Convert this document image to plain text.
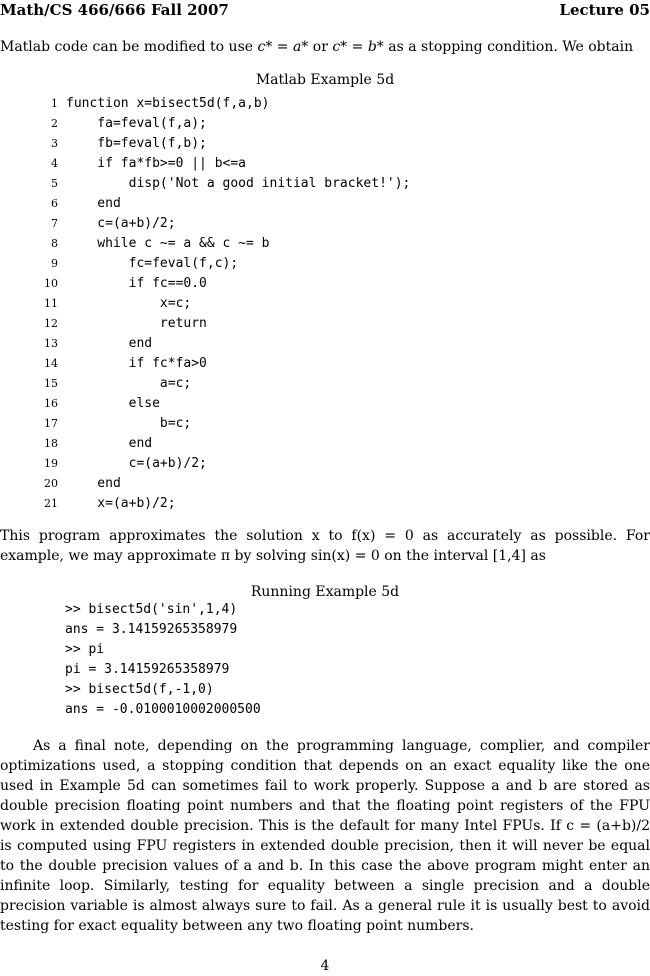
Math/CS 466/666 Fall 2007	Lecture 05
Matlab code can be modified to use c* = a* or c* = b* as a stopping condition. We obtain
Matlab Example 5d
1 function x=bisect5d(f,a,b)
2 fa=feval(f,a);
3 fb=feval(f,b);
4 if fa*fb>=0 || b<=a
5 disp('Not a good initial bracket!');
6 end
7 c=(a+b)/2;
8 while c ~= a && c ~= b
9 fc=feval(f,c);
10 if fc==0.0
11 x=c;
12 return
13 end
14 if fc*fa>0
15 a=c;
16 else
17 b=c;
18 end
19 c=(a+b)/2;
20 end
21 x=(a+b)/2;
This program approximates the solution x to f(x) = 0 as accurately as possible. For example, we may approximate π by solving sin(x) = 0 on the interval [1,4] as
Running Example 5d
>> bisect5d('sin',1,4)
ans = 3.14159265358979
>> pi
pi = 3.14159265358979
>> bisect5d(f,-1,0)
ans = -0.0100010002000500
As a final note, depending on the programming language, complier, and compiler optimizations used, a stopping condition that depends on an exact equality like the one used in Example 5d can sometimes fail to work properly. Suppose a and b are stored as double precision floating point numbers and that the floating point registers of the FPU work in extended double precision. This is the default for many Intel FPUs. If c = (a+b)/2 is computed using FPU registers in extended double precision, then it will never be equal to the double precision values of a and b. In this case the above program might enter an infinite loop. Similarly, testing for equality between a single precision and a double precision variable is almost always sure to fail. As a general rule it is usually best to avoid testing for exact equality between any two floating point numbers.
4
